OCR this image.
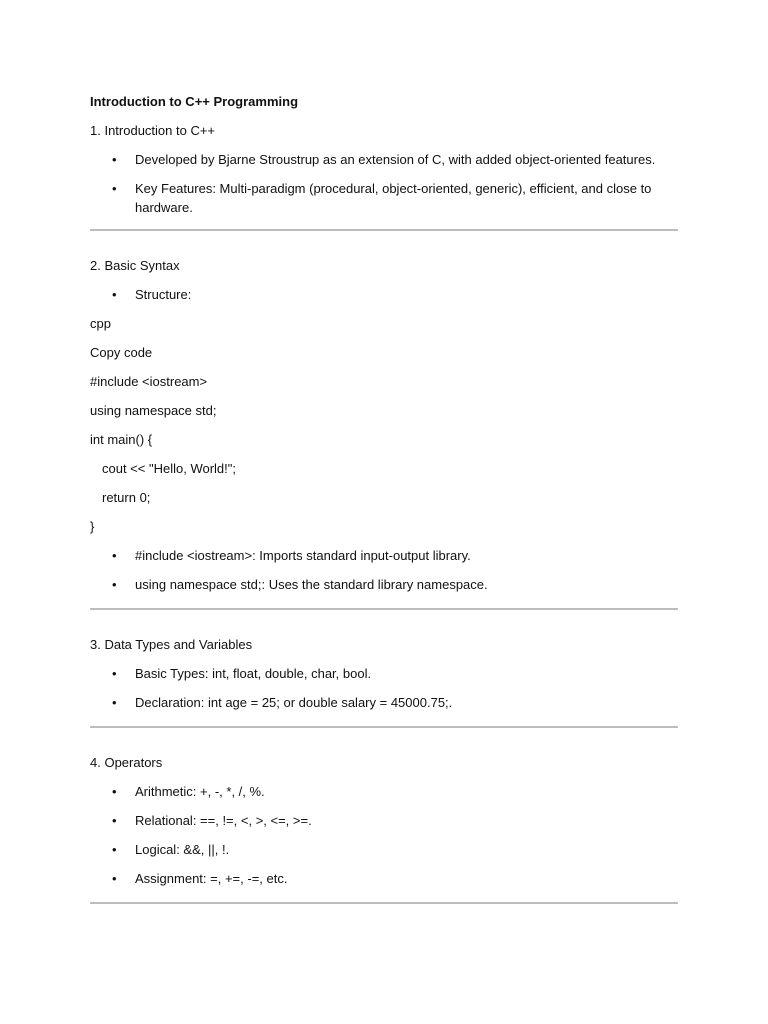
Introduction to C++ Programming
1. Introduction to C++
• Developed by Bjarne Stroustrup as an extension of C, with added object-oriented features.
• Key Features: Multi-paradigm (procedural, object-oriented, generic), efficient, and close to hardware.
2. Basic Syntax
• Structure:
cpp
Copy code
#include <iostream>
using namespace std;
int main() {
cout << "Hello, World!";
return 0;
}
• #include <iostream>: Imports standard input-output library.
• using namespace std;: Uses the standard library namespace.
3. Data Types and Variables
• Basic Types: int, float, double, char, bool.
• Declaration: int age = 25; or double salary = 45000.75;.
4. Operators
• Arithmetic: +, -, *, /, %.
• Relational: ==, !=, <, >, <=, >=.
• Logical: &&, ||, !.
• Assignment: =, +=, -=, etc.
